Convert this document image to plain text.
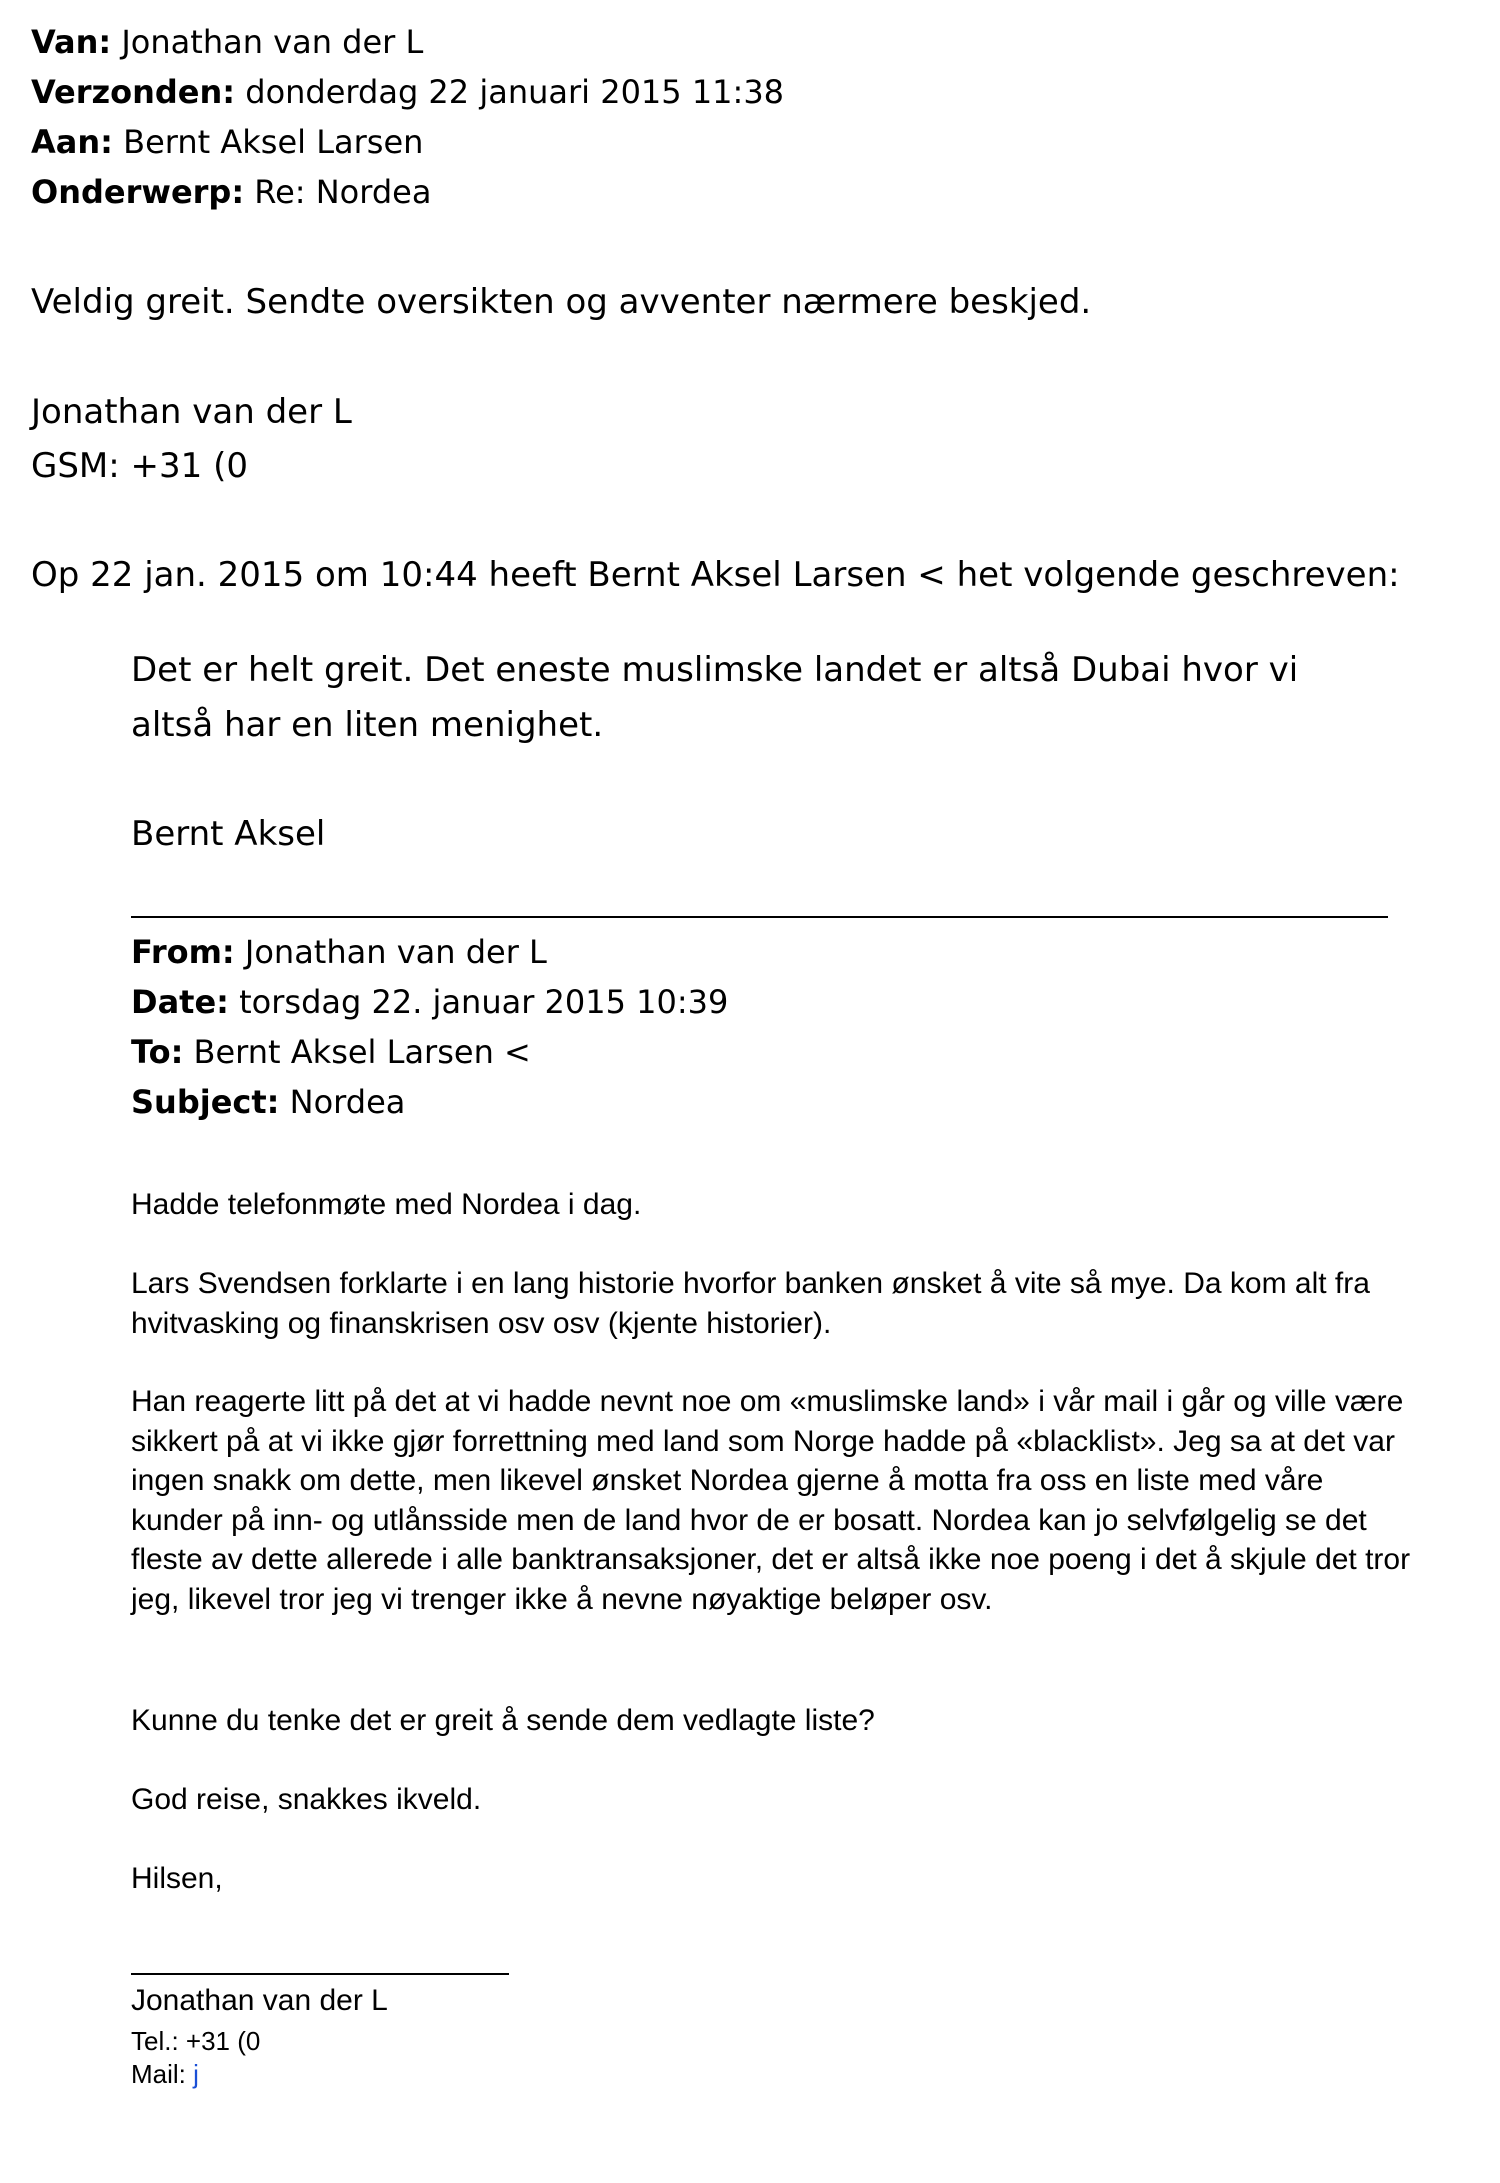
Van: Jonathan van der L
Verzonden: donderdag 22 januari 2015 11:38
Aan: Bernt Aksel Larsen
Onderwerp: Re: Nordea
Veldig greit. Sendte oversikten og avventer nærmere beskjed.
Jonathan van der L
GSM: +31 (0
Op 22 jan. 2015 om 10:44 heeft Bernt Aksel Larsen < het volgende geschreven:
Det er helt greit. Det eneste muslimske landet er altså Dubai hvor vi altså har en liten menighet.
Bernt Aksel
From: Jonathan van der L
Date: torsdag 22. januar 2015 10:39
To: Bernt Aksel Larsen <
Subject: Nordea
Hadde telefonmøte med Nordea i dag.
Lars Svendsen forklarte i en lang historie hvorfor banken ønsket å vite så mye. Da kom alt fra hvitvasking og finanskrisen osv osv (kjente historier).
Han reagerte litt på det at vi hadde nevnt noe om «muslimske land» i vår mail i går og ville være sikkert på at vi ikke gjør forrettning med land som Norge hadde på «blacklist». Jeg sa at det var ingen snakk om dette, men likevel ønsket Nordea gjerne å motta fra oss en liste med våre kunder på inn- og utlånsside men de land hvor de er bosatt. Nordea kan jo selvfølgelig se det fleste av dette allerede i alle banktransaksjoner, det er altså ikke noe poeng i det å skjule det tror jeg, likevel tror jeg vi trenger ikke å nevne nøyaktige beløper osv.
Kunne du tenke det er greit å sende dem vedlagte liste?
God reise, snakkes ikveld.
Hilsen,
Jonathan van der L
Tel.: +31 (0
Mail: j
